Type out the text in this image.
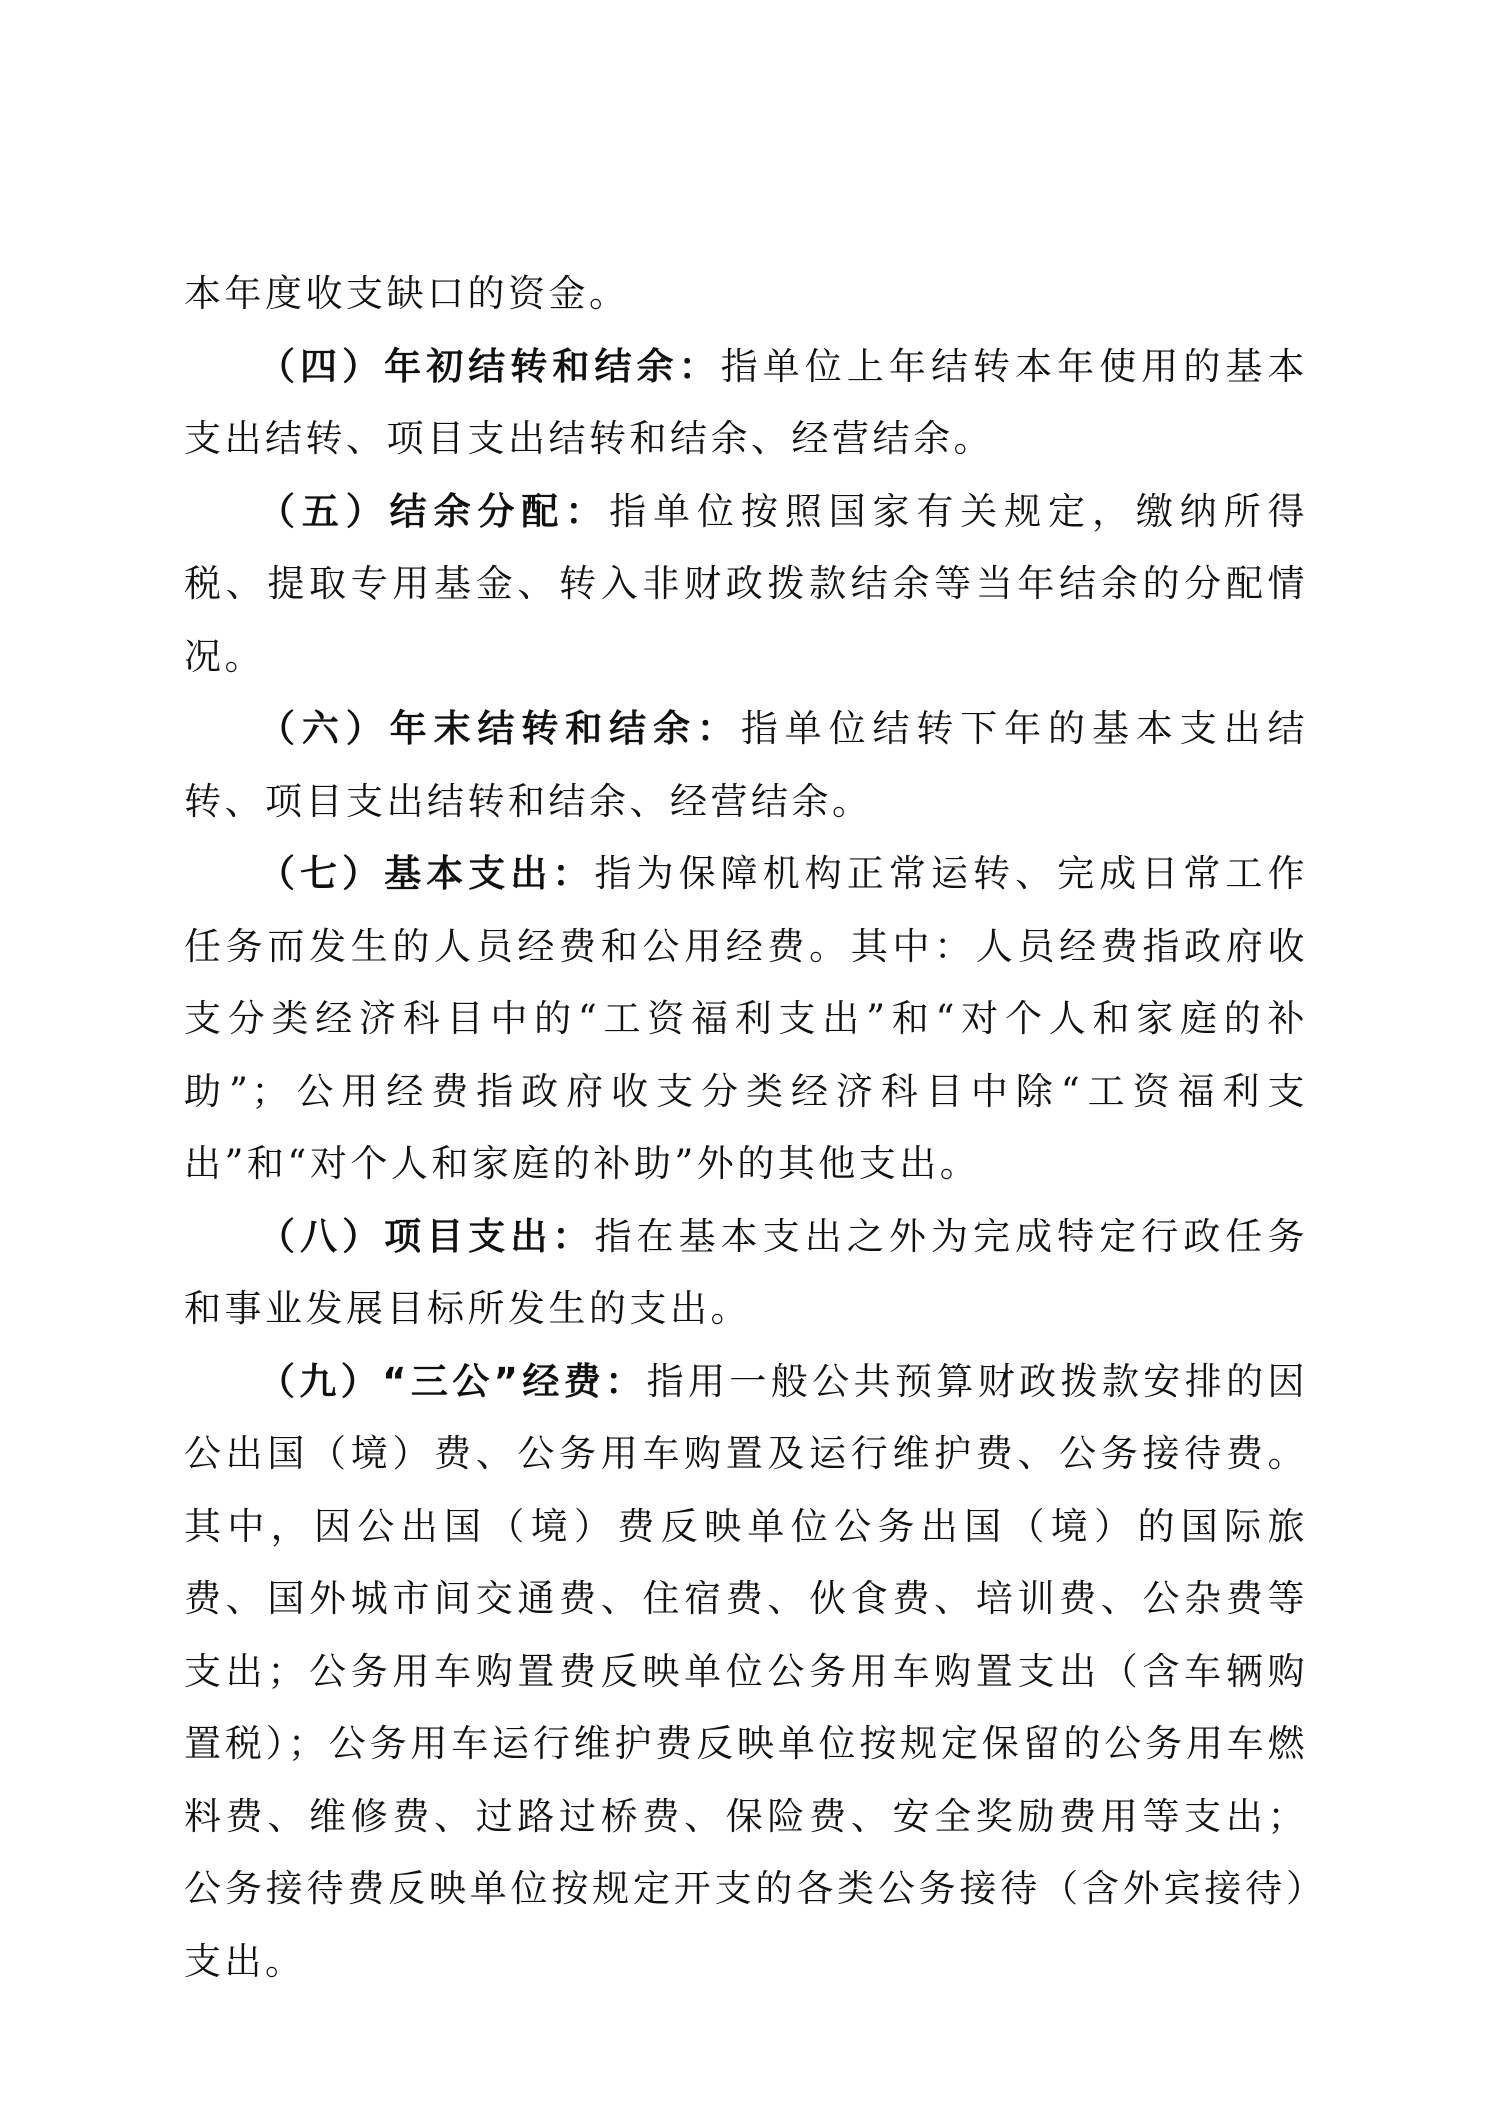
本年度收支缺口的资金。

（四）年初结转和结余：指单位上年结转本年使用的基本支出结转、项目支出结转和结余、经营结余。

（五）结余分配：指单位按照国家有关规定，缴纳所得税、提取专用基金、转入非财政拨款结余等当年结余的分配情况。

（六）年末结转和结余：指单位结转下年的基本支出结转、项目支出结转和结余、经营结余。

（七）基本支出：指为保障机构正常运转、完成日常工作任务而发生的人员经费和公用经费。其中：人员经费指政府收支分类经济科目中的“工资福利支出”和“对个人和家庭的补助”；公用经费指政府收支分类经济科目中除“工资福利支出”和“对个人和家庭的补助”外的其他支出。

（八）项目支出：指在基本支出之外为完成特定行政任务和事业发展目标所发生的支出。

（九）“三公”经费：指用一般公共预算财政拨款安排的因公出国（境）费、公务用车购置及运行维护费、公务接待费。其中，因公出国（境）费反映单位公务出国（境）的国际旅费、国外城市间交通费、住宿费、伙食费、培训费、公杂费等支出；公务用车购置费反映单位公务用车购置支出（含车辆购置税）；公务用车运行维护费反映单位按规定保留的公务用车燃料费、维修费、过路过桥费、保险费、安全奖励费用等支出；公务接待费反映单位按规定开支的各类公务接待（含外宾接待）支出。
